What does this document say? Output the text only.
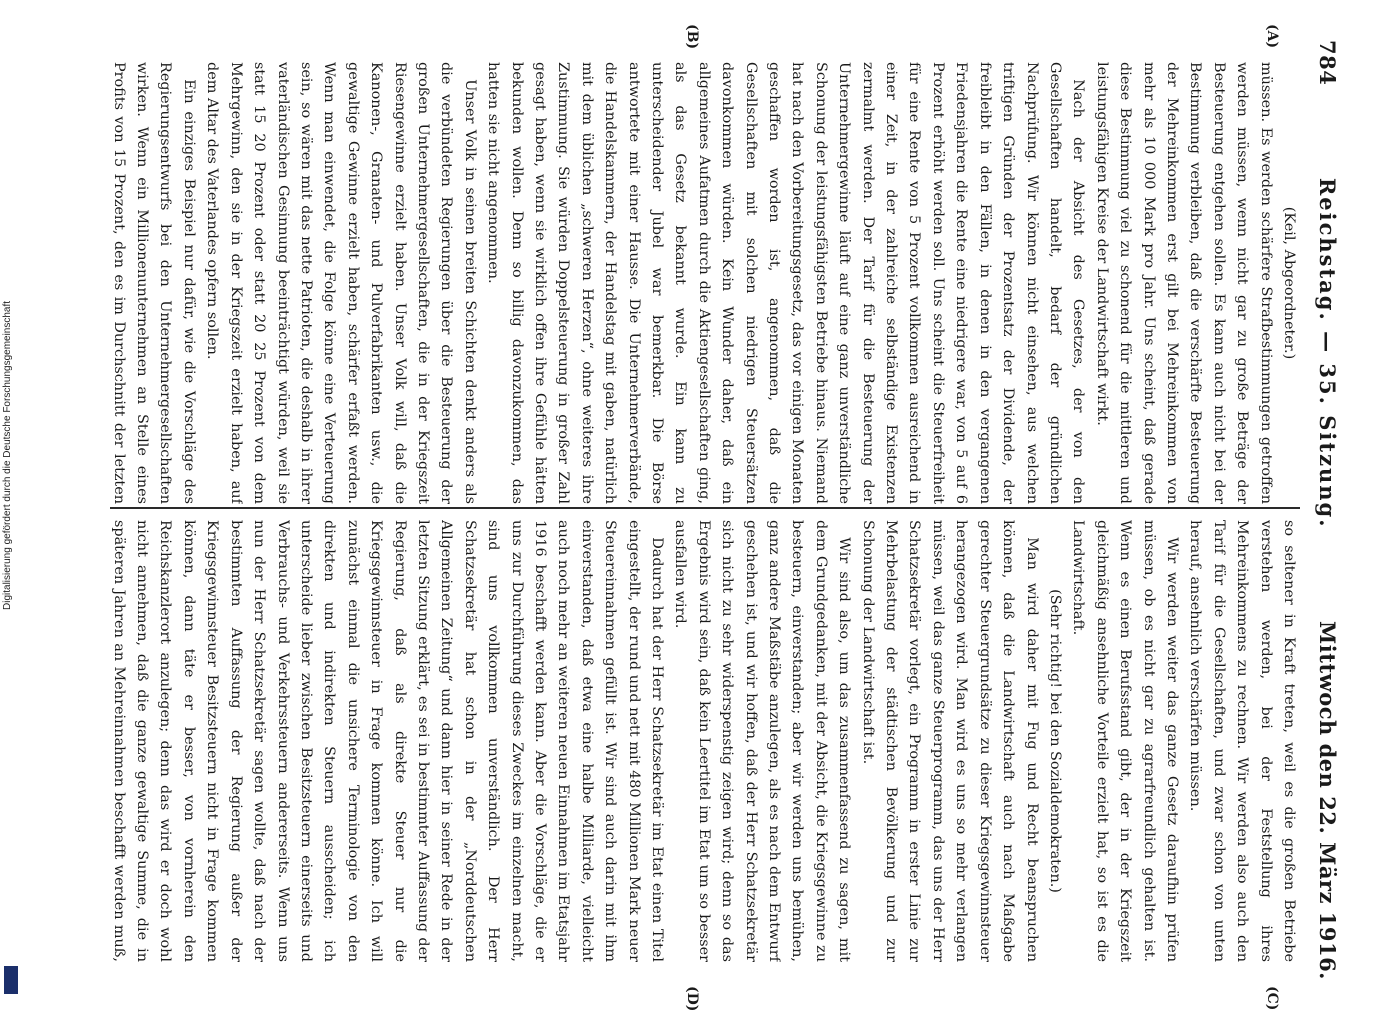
784
Reichstag. — 35. Sitzung.
Mittwoch den 22. März 1916.

(Keil, Abgeordneter.)

müssen. Es werden schärfere Strafbestimmungen getroffen werden müssen, wenn nicht gar zu große Beträge der Besteuerung entgehen sollen. Es kann auch nicht bei der Bestimmung verbleiben, daß die verschärfte Besteuerung der Mehreinkommen erst gilt bei Mehreinkommen von mehr als 10 000 Mark pro Jahr. Uns scheint, daß gerade diese Bestimmung viel zu schonend für die mittleren und leistungsfähigen Kreise der Landwirtschaft wirkt.

Nach der Absicht des Gesetzes, der von den Gesellschaften handelt, bedarf der gründlichen Nachprüfung. Wir können nicht einsehen, aus welchen triftigen Gründen der Prozentsatz der Dividende, der freibleibt in den Fällen, in denen in den vergangenen Friedensjahren die Rente eine niedrigere war, von 5 auf 6 Prozent erhöht werden soll. Uns scheint die Steuerfreiheit für eine Rente von 5 Prozent vollkommen ausreichend in einer Zeit, in der zahlreiche selbständige Existenzen zermalmt werden. Der Tarif für die Besteuerung der Unternehmergewinne läuft auf eine ganz unverständliche Schonung der leistungsfähigsten Betriebe hinaus. Niemand hat nach den Vorbereitungsgesetz, das vor einigen Monaten geschaffen worden ist, angenommen, daß die Gesellschaften mit solchen niedrigen Steuersätzen davonkommen würden. Kein Wunder daher, daß ein allgemeines Aufatmen durch die Aktiengesellschaften ging, als das Gesetz bekannt wurde. Ein kann zu unterscheidender Jubel war bemerkbar. Die Börse antwortete mit einer Hausse. Die Unternehmerverbände, die Handelskammern, der Handelstag mit gaben, natürlich mit dem üblichen „schweren Herzen“, ohne weiteres ihre Zustimmung. Sie würden Doppelsteuerung in großer Zahl gesagt haben, wenn sie wirklich offen ihre Gefühle hätten bekunden wollen. Denn so billig davonzukommen, das hatten sie nicht angenommen.

Unser Volk in seinen breiten Schichten denkt anders als die verbündeten Regierungen über die Besteuerung der großen Unternehmergesellschaften, die in der Kriegszeit Riesengewinne erzielt haben. Unser Volk will, daß die Kanonen-, Granaten- und Pulverfabrikanten usw., die gewaltige Gewinne erzielt haben, schärfer erfaßt werden. Wenn man einwendet, die Folge könne eine Verteuerung sein, so wären mit das nette Patrioten, die deshalb in ihrer vaterländischen Gesinnung beeinträchtigt würden, weil sie statt 15 20 Prozent oder statt 20 25 Prozent von dem Mehrgewinn, den sie in der Kriegszeit erzielt haben, auf dem Altar des Vaterlandes opfern sollen.

Ein einziges Beispiel nur dafür, wie die Vorschläge des Regierungsentwurfs bei den Unternehmergesellschaften wirken. Wenn ein Millionenunternehmen an Stelle eines Profits von 15 Prozent, den es im Durchschnitt der letzten

so seltener in Kraft treten, weil es die großen Betriebe verstehen werden, bei der Feststellung ihres Mehreinkommens zu rechnen. Wir werden also auch den Tarif für die Gesellschaften, und zwar schon von unten herauf, ansehnlich verschärfen müssen.

Wir werden weiter das ganze Gesetz daraufhin prüfen müssen, ob es nicht gar zu agrarfreundlich gehalten ist. Wenn es einen Berufsstand gibt, der in der Kriegszeit gleichmäßig ansehnliche Vorteile erzielt hat, so ist es die Landwirtschaft.

(Sehr richtig! bei den Sozialdemokraten.)

Man wird daher mit Fug und Recht beanspruchen können, daß die Landwirtschaft auch nach Maßgabe gerechter Steuergrundsätze zu dieser Kriegsgewinnsteuer herangezogen wird. Man wird es uns so mehr verlangen müssen, weil das ganze Steuerprogramm, das uns der Herr Schatzsekretär vorlegt, ein Programm in erster Linie zur Mehrbelastung der städtischen Bevölkerung und zur Schonung der Landwirtschaft ist.

Wir sind also, um das zusammenfassend zu sagen, mit dem Grundgedanken, mit der Absicht, die Kriegsgewinne zu besteuern, einverstanden; aber wir werden uns bemühen, ganz andere Maßstäbe anzulegen, als es nach dem Entwurf geschehen ist, und wir hoffen, daß der Herr Schatzsekretär sich nicht zu sehr widerspenstig zeigen wird; denn so das Ergebnis wird sein, daß kein Leertitel im Etat um so besser ausfallen wird.

Dadurch hat der Herr Schatzsekretär im Etat einen Titel eingestellt, der rund und nett mit 480 Millionen Mark neuer Steuereinnahmen gefüllt ist. Wir sind auch darin mit ihm einverstanden, daß etwa eine halbe Milliarde, vielleicht auch noch mehr an weiteren neuen Einnahmen im Etatsjahr 1916 beschafft werden kann. Aber die Vorschläge, die er uns zur Durchführung dieses Zweckes im einzelnen macht, sind uns vollkommen unverständlich. Der Herr Schatzsekretär hat schon in der „Norddeutschen Allgemeinen Zeitung“ und dann hier in seiner Rede in der letzten Sitzung erklärt, es sei in bestimmter Auffassung der Regierung, daß als direkte Steuer nur die Kriegsgewinnsteuer in Frage kommen könne. Ich will zunächst einmal die unsichere Terminologie von den direkten und indirekten Steuern ausscheiden; ich unterscheide lieber zwischen Besitzsteuern einerseits und Verbrauchs- und Verkehrssteuern andererseits. Wenn uns nun der Herr Schatzsekretär sagen wollte, daß nach der bestimmten Auffassung der Regierung außer der Kriegsgewinnsteuer Besitzsteuern nicht in Frage kommen können, dann täte er besser, von vornherein den Reichskanzlerort anzulegen; denn das wird er doch wohl nicht annehmen, daß die ganze gewaltige Summe, die in späteren Jahren an Mehreinnahmen beschafft werden muß,

(A)
(B)
(C)
(D)
Digitalisierung gefördert durch die Deutsche Forschungsgemeinschaft
